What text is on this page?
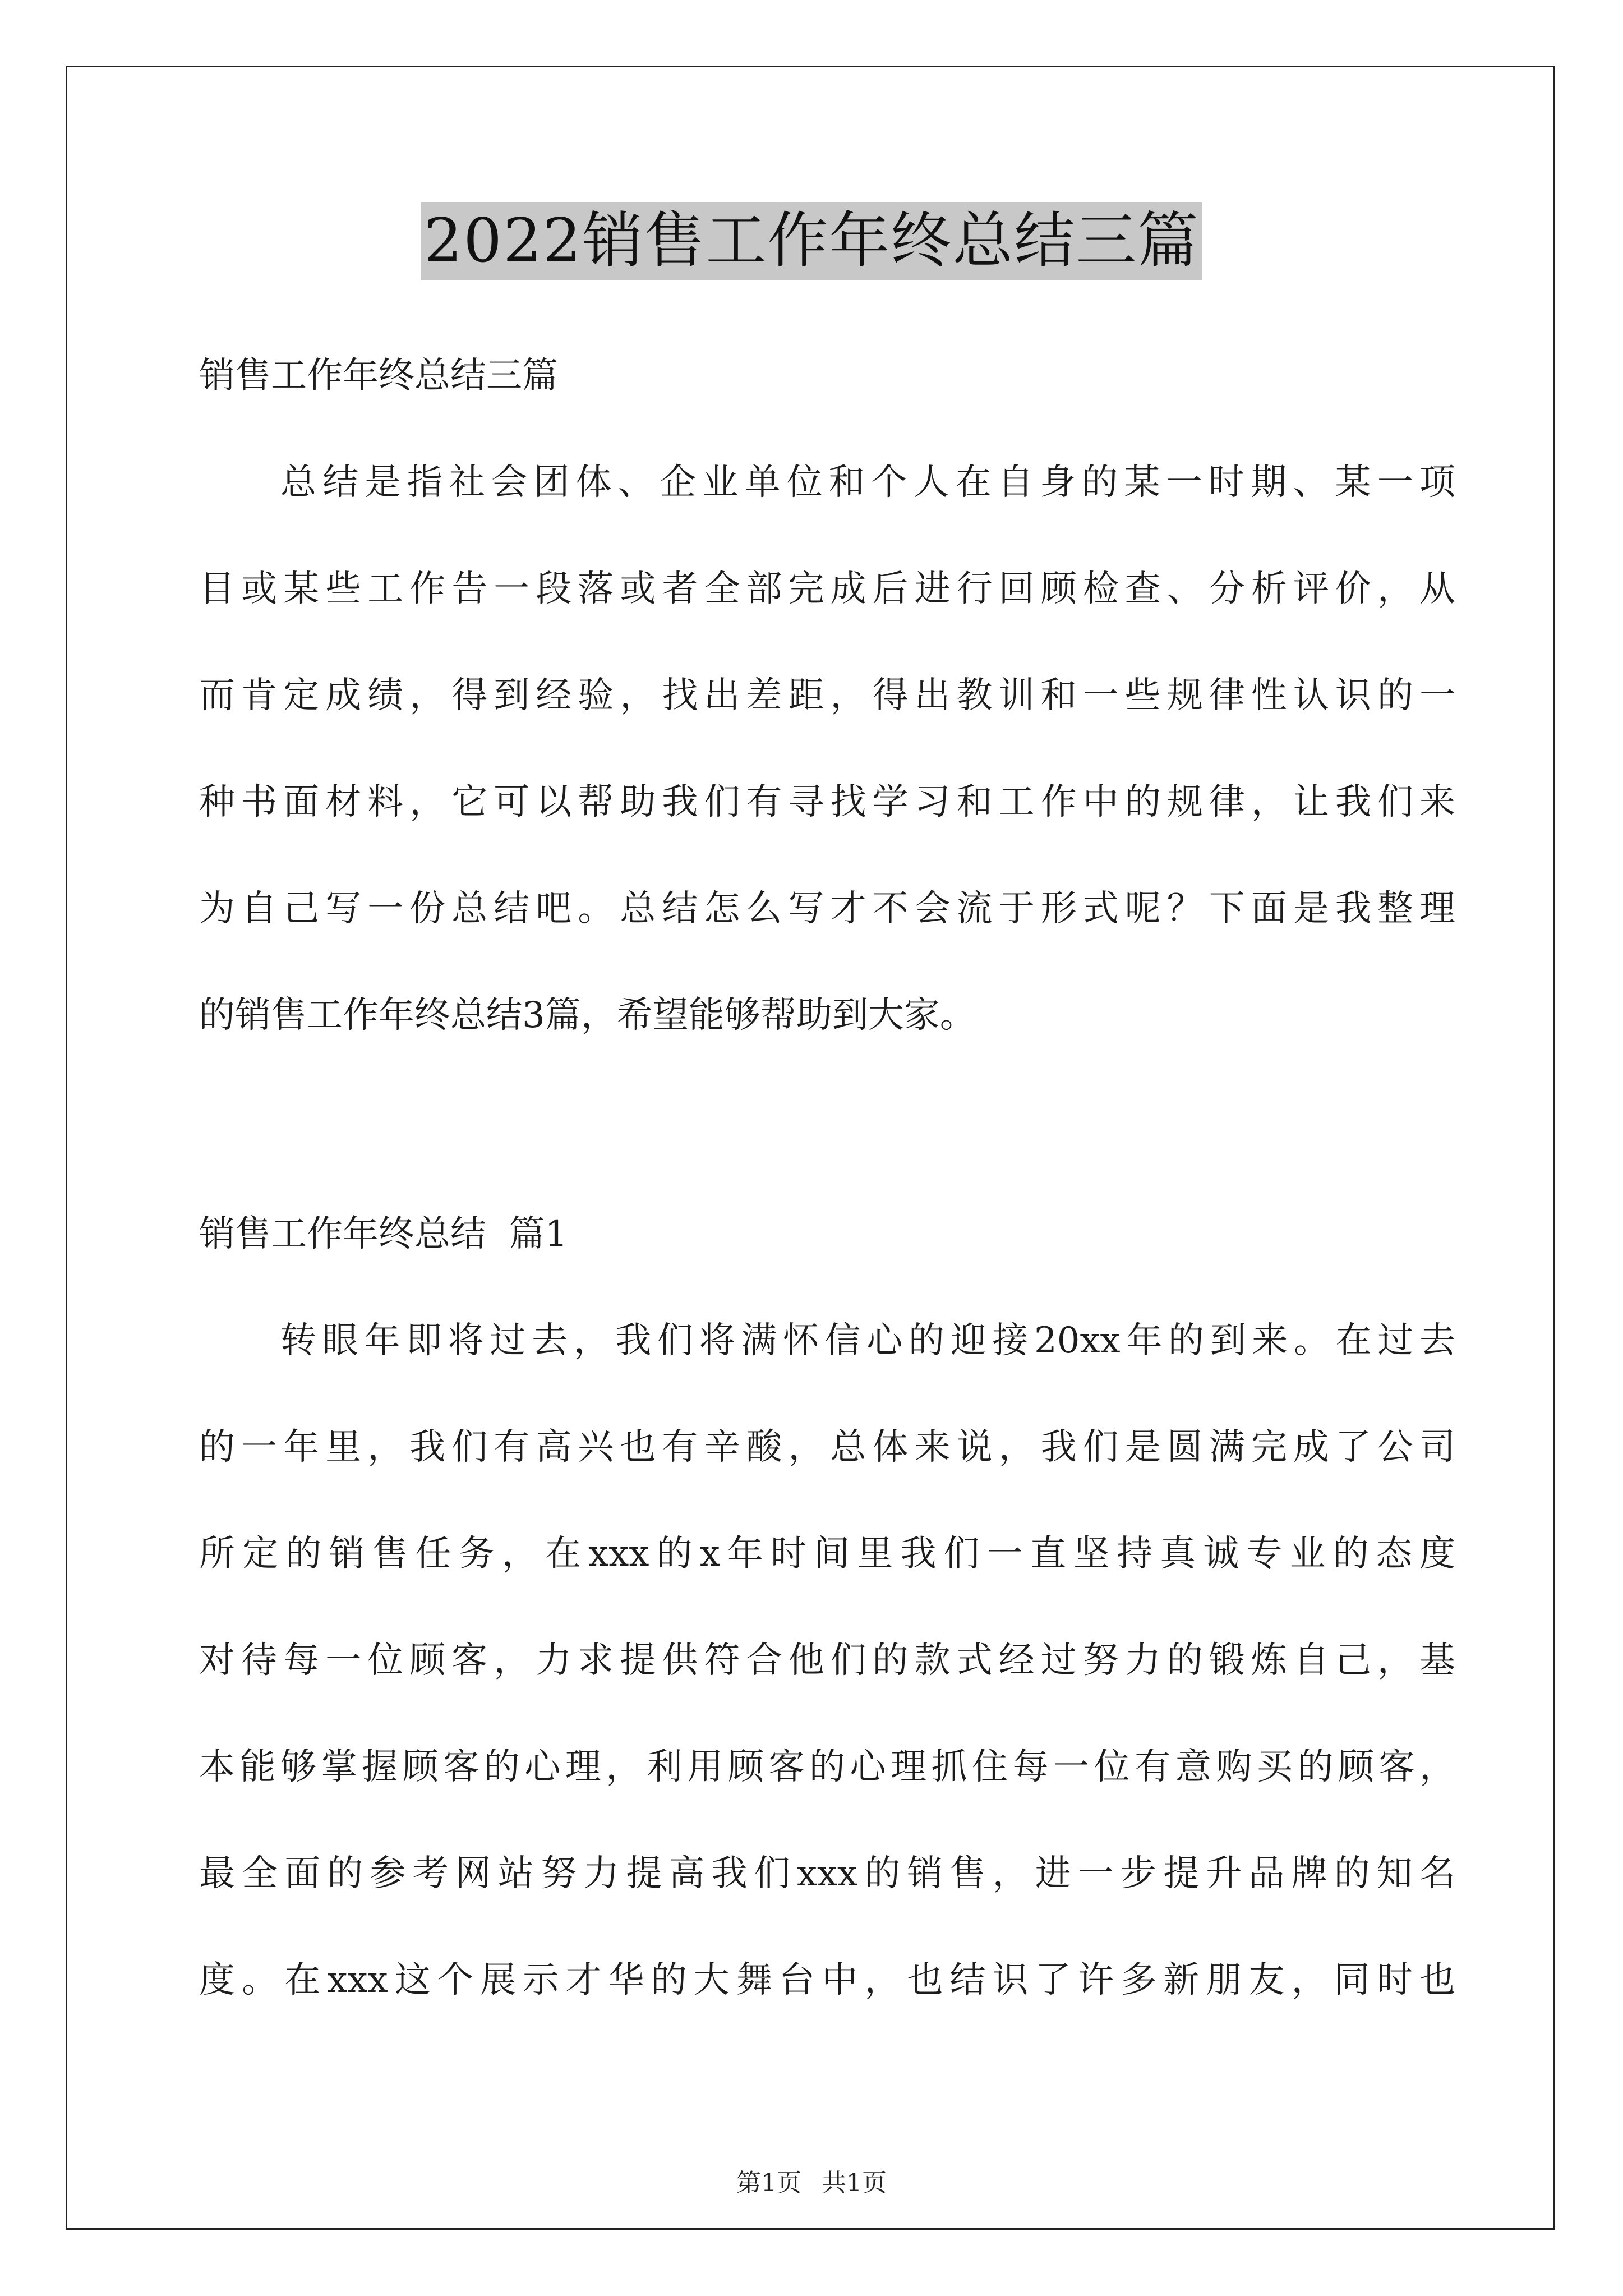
2022销售工作年终总结三篇
销售工作年终总结三篇
总结是指社会团体、企业单位和个人在自身的某一时期、某一项
目或某些工作告一段落或者全部完成后进行回顾检查、分析评价，从
而肯定成绩，得到经验，找出差距，得出教训和一些规律性认识的一
种书面材料，它可以帮助我们有寻找学习和工作中的规律，让我们来
为自己写一份总结吧。总结怎么写才不会流于形式呢？下面是我整理
的销售工作年终总结3篇，希望能够帮助到大家。
销售工作年终总结  篇1
转眼年即将过去，我们将满怀信心的迎接20xx年的到来。在过去
的一年里，我们有高兴也有辛酸，总体来说，我们是圆满完成了公司
所定的销售任务，在xxx的x年时间里我们一直坚持真诚专业的态度
对待每一位顾客，力求提供符合他们的款式经过努力的锻炼自己，基
本能够掌握顾客的心理，利用顾客的心理抓住每一位有意购买的顾客，
最全面的参考网站努力提高我们xxx的销售，进一步提升品牌的知名
度。在xxx这个展示才华的大舞台中，也结识了许多新朋友，同时也
第1页 共1页
